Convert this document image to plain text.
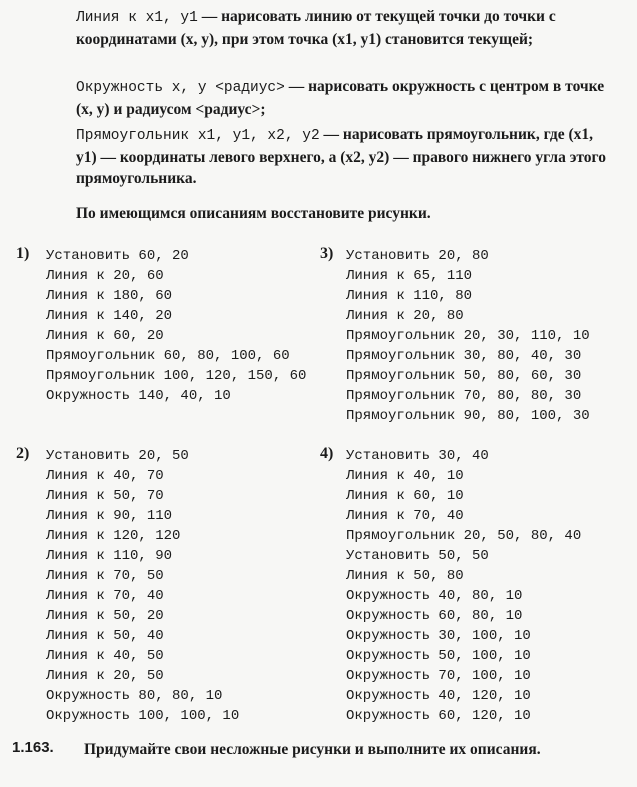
Линия к x1, y1 — нарисовать линию от текущей точки до точки с координатами (x, y), при этом точка (x1, y1) становится текущей;
Окружность x, y <радиус> — нарисовать окружность с центром в точке (x, y) и радиусом <радиус>;
Прямоугольник x1, y1, x2, y2 — нарисовать прямоугольник, где (x1, y1) — координаты левого верхнего, а (x2, y2) — правого нижнего угла этого прямоугольника.
По имеющимся описаниям восстановите рисунки.
1) Установить 60, 20
Линия к 20, 60
Линия к 180, 60
Линия к 140, 20
Линия к 60, 20
Прямоугольник 60, 80, 100, 60
Прямоугольник 100, 120, 150, 60
Окружность 140, 40, 10
3) Установить 20, 80
Линия к 65, 110
Линия к 110, 80
Линия к 20, 80
Прямоугольник 20, 30, 110, 10
Прямоугольник 30, 80, 40, 30
Прямоугольник 50, 80, 60, 30
Прямоугольник 70, 80, 80, 30
Прямоугольник 90, 80, 100, 30
2) Установить 20, 50
Линия к 40, 70
Линия к 50, 70
Линия к 90, 110
Линия к 120, 120
Линия к 110, 90
Линия к 70, 50
Линия к 70, 40
Линия к 50, 20
Линия к 50, 40
Линия к 40, 50
Линия к 20, 50
Окружность 80, 80, 10
Окружность 100, 100, 10
4) Установить 30, 40
Линия к 40, 10
Линия к 60, 10
Линия к 70, 40
Прямоугольник 20, 50, 80, 40
Установить 50, 50
Линия к 50, 80
Окружность 40, 80, 10
Окружность 60, 80, 10
Окружность 30, 100, 10
Окружность 50, 100, 10
Окружность 70, 100, 10
Окружность 40, 120, 10
Окружность 60, 120, 10
1.163. Придумайте свои несложные рисунки и выполните их описания.
